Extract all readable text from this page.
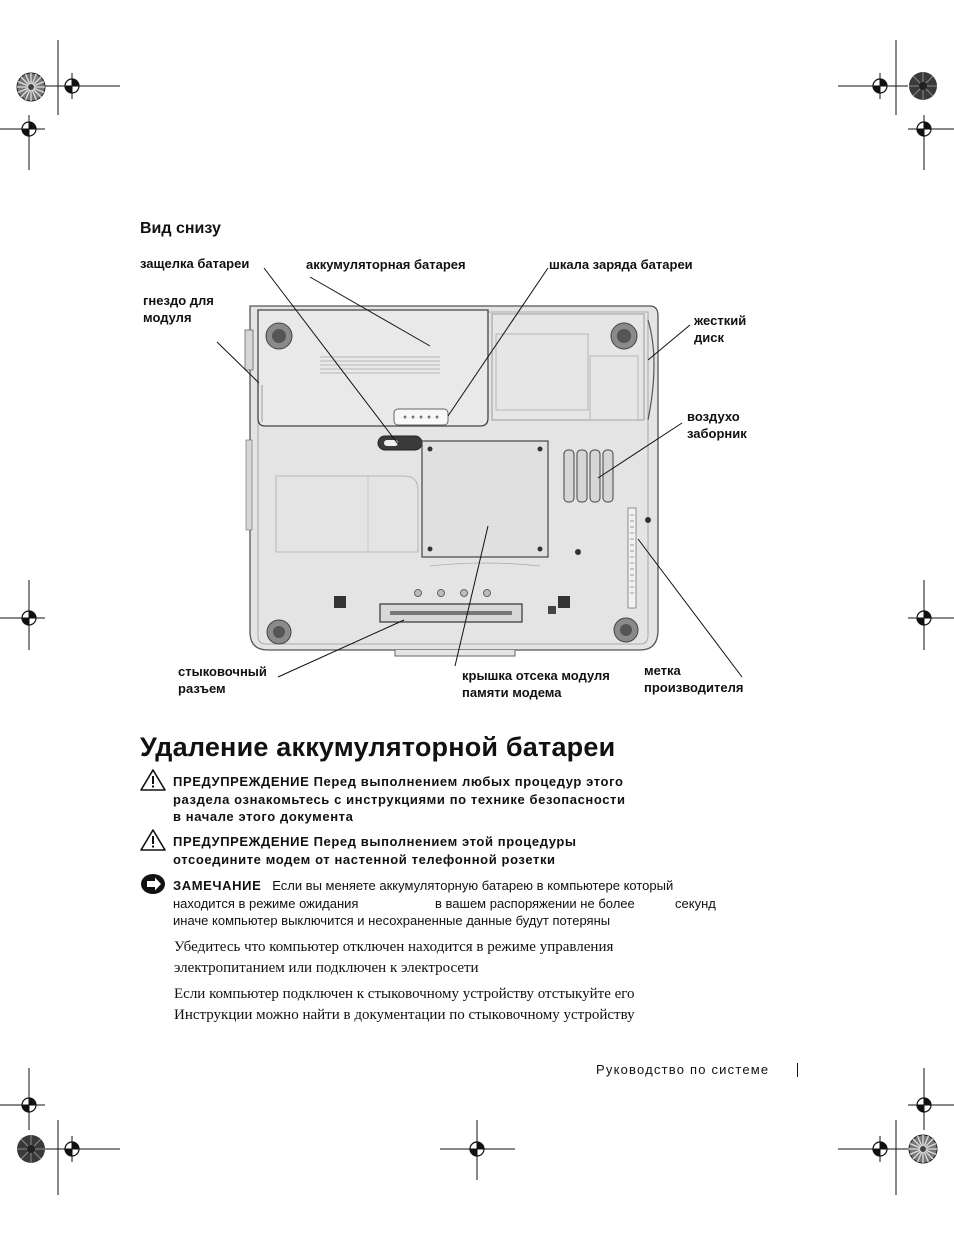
Вид снизу
защелка батареи	аккумуляторная батарея	шкала заряда батареи
гнездо для
модуля	жесткий
диск
воздухо
заборник
стыковочный
разъем
крышка отсека модуля
памяти модема
метка
производителя
Удаление аккумуляторной батареи
ПРЕДУПРЕЖДЕНИЕ Перед выполнением любых процедур этого
раздела ознакомьтесь с инструкциями по технике безопасности
в начале этого документа
ПРЕДУПРЕЖДЕНИЕ Перед выполнением этой процедуры
отсоедините модем от настенной телефонной розетки
ЗАМЕЧАНИЕ Если вы меняете аккумуляторную батарею в компьютере который
находится в режиме ожидания	в вашем распоряжении не более	секунд
иначе компьютер выключится и несохраненные данные будут потеряны
Убедитесь что компьютер отключен находится в режиме управления
электропитанием или подключен к электросети
Если компьютер подключен к стыковочному устройству отстыкуйте его
Инструкции можно найти в документации по стыковочному устройству
Руководство по системе
